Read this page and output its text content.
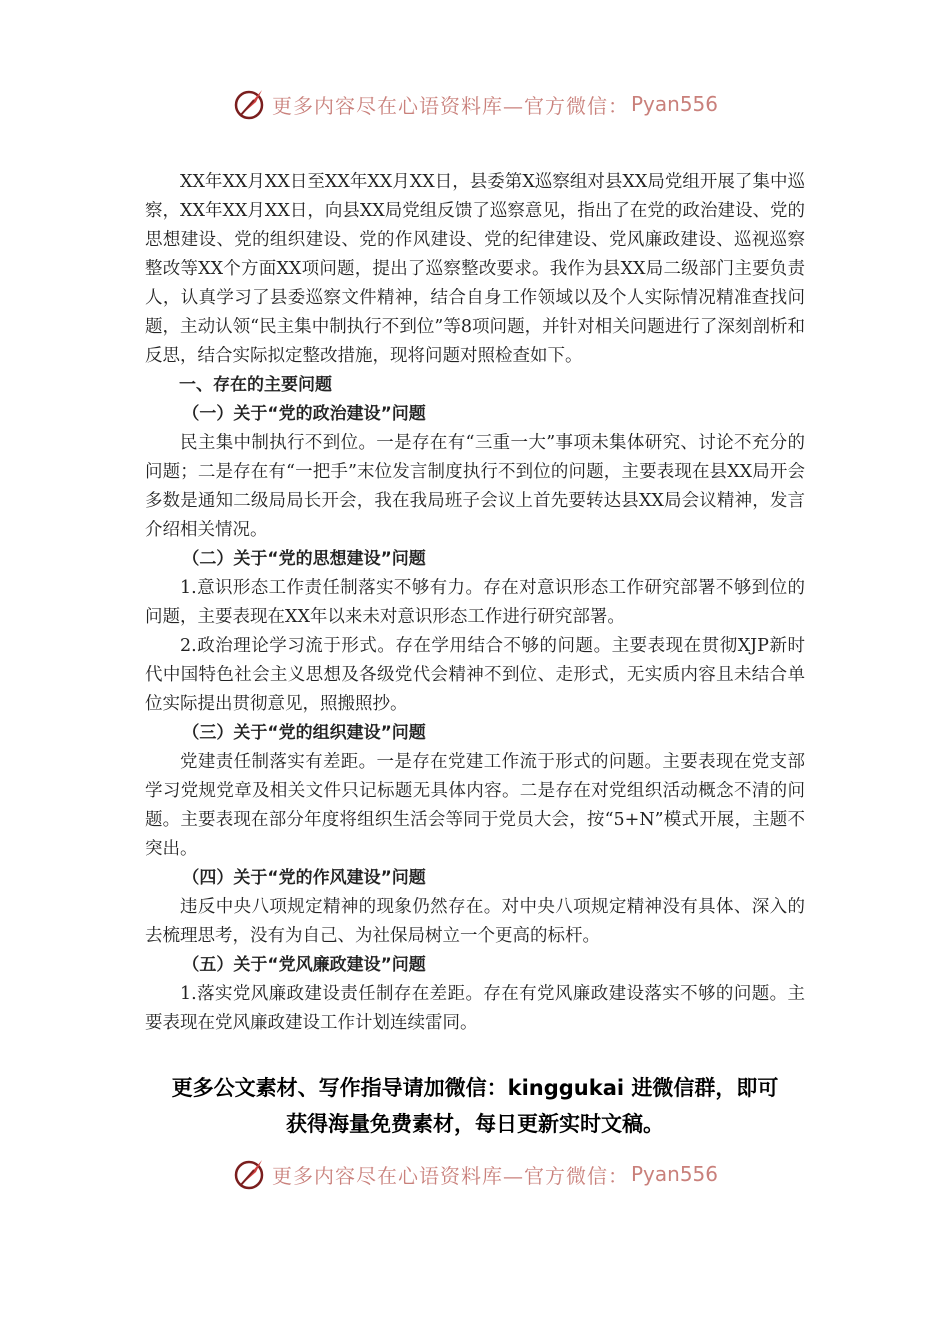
更多内容尽在心语资料库—官方微信： Pyan556

XX年XX月XX日至XX年XX月XX日，县委第X巡察组对县XX局党组开展了集中巡察，XX年XX月XX日，向县XX局党组反馈了巡察意见，指出了在党的政治建设、党的思想建设、党的组织建设、党的作风建设、党的纪律建设、党风廉政建设、巡视巡察整改等XX个方面XX项问题，提出了巡察整改要求。我作为县XX局二级部门主要负责人，认真学习了县委巡察文件精神，结合自身工作领域以及个人实际情况精准查找问题，主动认领“民主集中制执行不到位”等8项问题，并针对相关问题进行了深刻剖析和反思，结合实际拟定整改措施，现将问题对照检查如下。

一、存在的主要问题

（一）关于“党的政治建设”问题

民主集中制执行不到位。一是存在有“三重一大”事项未集体研究、讨论不充分的问题；二是存在有“一把手”末位发言制度执行不到位的问题，主要表现在县XX局开会多数是通知二级局局长开会，我在我局班子会议上首先要转达县XX局会议精神，发言介绍相关情况。

（二）关于“党的思想建设”问题

1.意识形态工作责任制落实不够有力。存在对意识形态工作研究部署不够到位的问题，主要表现在XX年以来未对意识形态工作进行研究部署。

2.政治理论学习流于形式。存在学用结合不够的问题。主要表现在贯彻XJP新时代中国特色社会主义思想及各级党代会精神不到位、走形式，无实质内容且未结合单位实际提出贯彻意见，照搬照抄。

（三）关于“党的组织建设”问题

党建责任制落实有差距。一是存在党建工作流于形式的问题。主要表现在党支部学习党规党章及相关文件只记标题无具体内容。二是存在对党组织活动概念不清的问题。主要表现在部分年度将组织生活会等同于党员大会，按“5+N”模式开展，主题不突出。

（四）关于“党的作风建设”问题

违反中央八项规定精神的现象仍然存在。对中央八项规定精神没有具体、深入的去梳理思考，没有为自己、为社保局树立一个更高的标杆。

（五）关于“党风廉政建设”问题

1.落实党风廉政建设责任制存在差距。存在有党风廉政建设落实不够的问题。主要表现在党风廉政建设工作计划连续雷同。

更多公文素材、写作指导请加微信：kinggukai 进微信群，即可
获得海量免费素材，每日更新实时文稿。
更多内容尽在心语资料库—官方微信： Pyan556
